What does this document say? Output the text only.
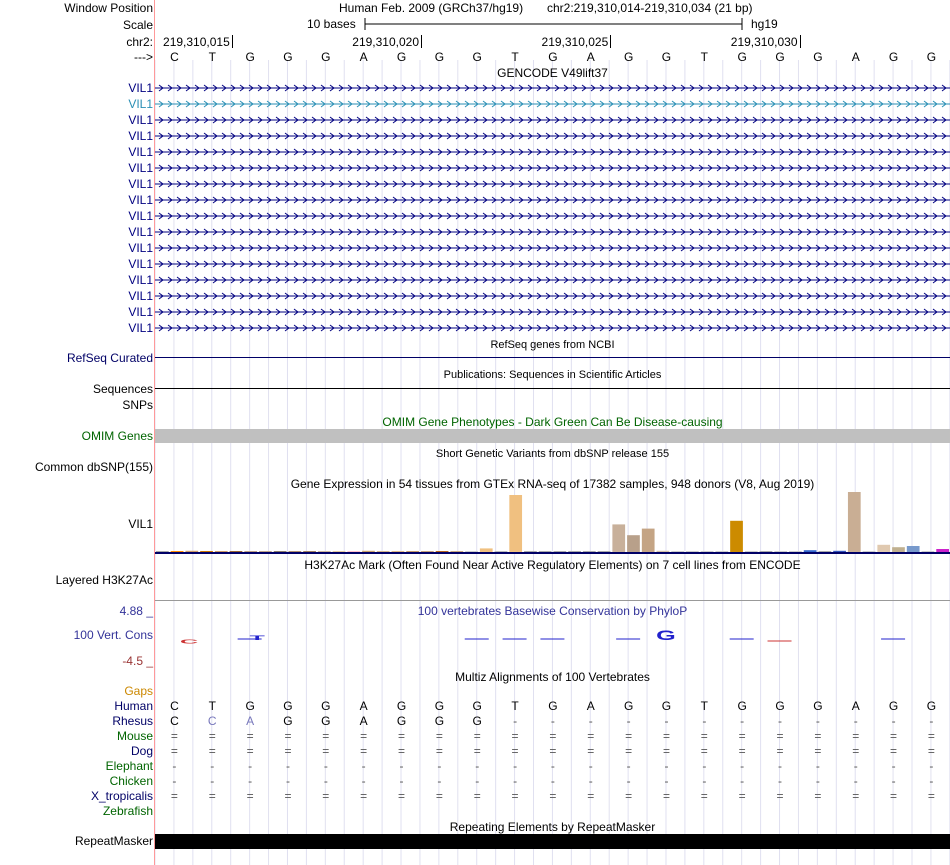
Window Position	Human Feb. 2009 (GRCh37/hg19) chr2:219,310,014-219,310,034 (21 bp)
Scale	10 bases	hg19
chr2: 219,310,015	219,310,020	219,310,025	219,310,030
--->	C	T	G	G	G	A	G	G	G	T	G	A	G	G	T	G	G	G	A	G	G
GENCODE V49lift37
VIL1
VIL1
VIL1
VIL1
VIL1
VIL1
VIL1
VIL1
VIL1
VIL1
VIL1
VIL1
VIL1
VIL1
VIL1
VIL1
RefSeq genes from NCBI
RefSeq Curated
Publications: Sequences in Scientific Articles
Sequences
SNPs
OMIM Gene Phenotypes - Dark Green Can Be Disease-causing
OMIM Genes
Short Genetic Variants from dbSNP release 155
Common dbSNP(155)
Gene Expression in 54 tissues from GTEx RNA-seq of 17382 samples, 948 donors (V8, Aug 2019)
VIL1
H3K27Ac Mark (Often Found Near Active Regulatory Elements) on 7 cell lines from ENCODE
Layered H3K27Ac
100 vertebrates Basewise Conservation by PhyloP
4.88 _
100 Vert. Cons
-4.5 _
C
T	G
Multiz Alignments of 100 Vertebrates
Gaps
Human	C	T	G	G	G	A	G	G	G	T	G	A	G	G	T	G	G	G	A	G	G
Rhesus	C	C	A	G	G	A	G	G	G	-	-	-	-	-	-	-	-	-	-	-	-
Mouse	=	=	=	=	=	=	=	=	=	=	=	=	=	=	=	=	=	=	=	=	=
Dog	=	=	=	=	=	=	=	=	=	=	=	=	=	=	=	=	=	=	=	=	=
Elephant	-	-	-	-	-	-	-	-	-	-	-	-	-	-	-	-	-	-	-	-	-
Chicken	-	-	-	-	-	-	-	-	-	-	-	-	-	-	-	-	-	-	-	-	-
X_tropicalis	=	=	=	=	=	=	=	=	=	=	=	=	=	=	=	=	=	=	=	=	=
Zebrafish
Repeating Elements by RepeatMasker
RepeatMasker
